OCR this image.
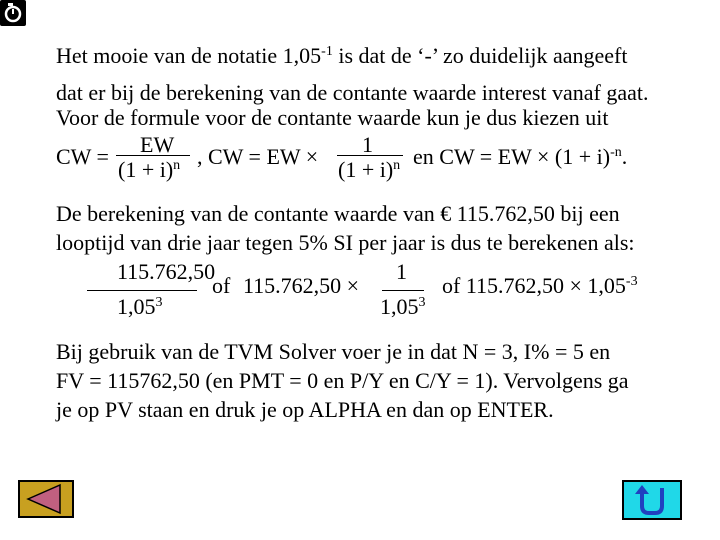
Het mooie van de notatie $1,05^{-1}$ is dat de ‘-’ zo duidelijk aangeeft
dat er bij de berekening van de contante waarde interest vanaf gaat.
Voor de formule voor de contante waarde kun je dus kiezen uit
CW = EW
$(1 + i)^n$ , CW = EW × 1
$(1 + i)^n$ en CW = EW × $(1 + i)^{-n}$.
De berekening van de contante waarde van € 115.762,50 bij een
looptijd van drie jaar tegen 5% SI per jaar is dus te berekenen als:
115.762,50
1,05$^3$
of 115.762,50 ×
1
1,05$^3$
of $115.762,50 \times 1,05^{-3}$
Bij gebruik van de TVM Solver voer je in dat N = 3, I% = 5 en
FV = 115762,50 (en PMT = 0 en P/Y en C/Y = 1). Vervolgens ga
je op PV staan en druk je op ALPHA en dan op ENTER.
